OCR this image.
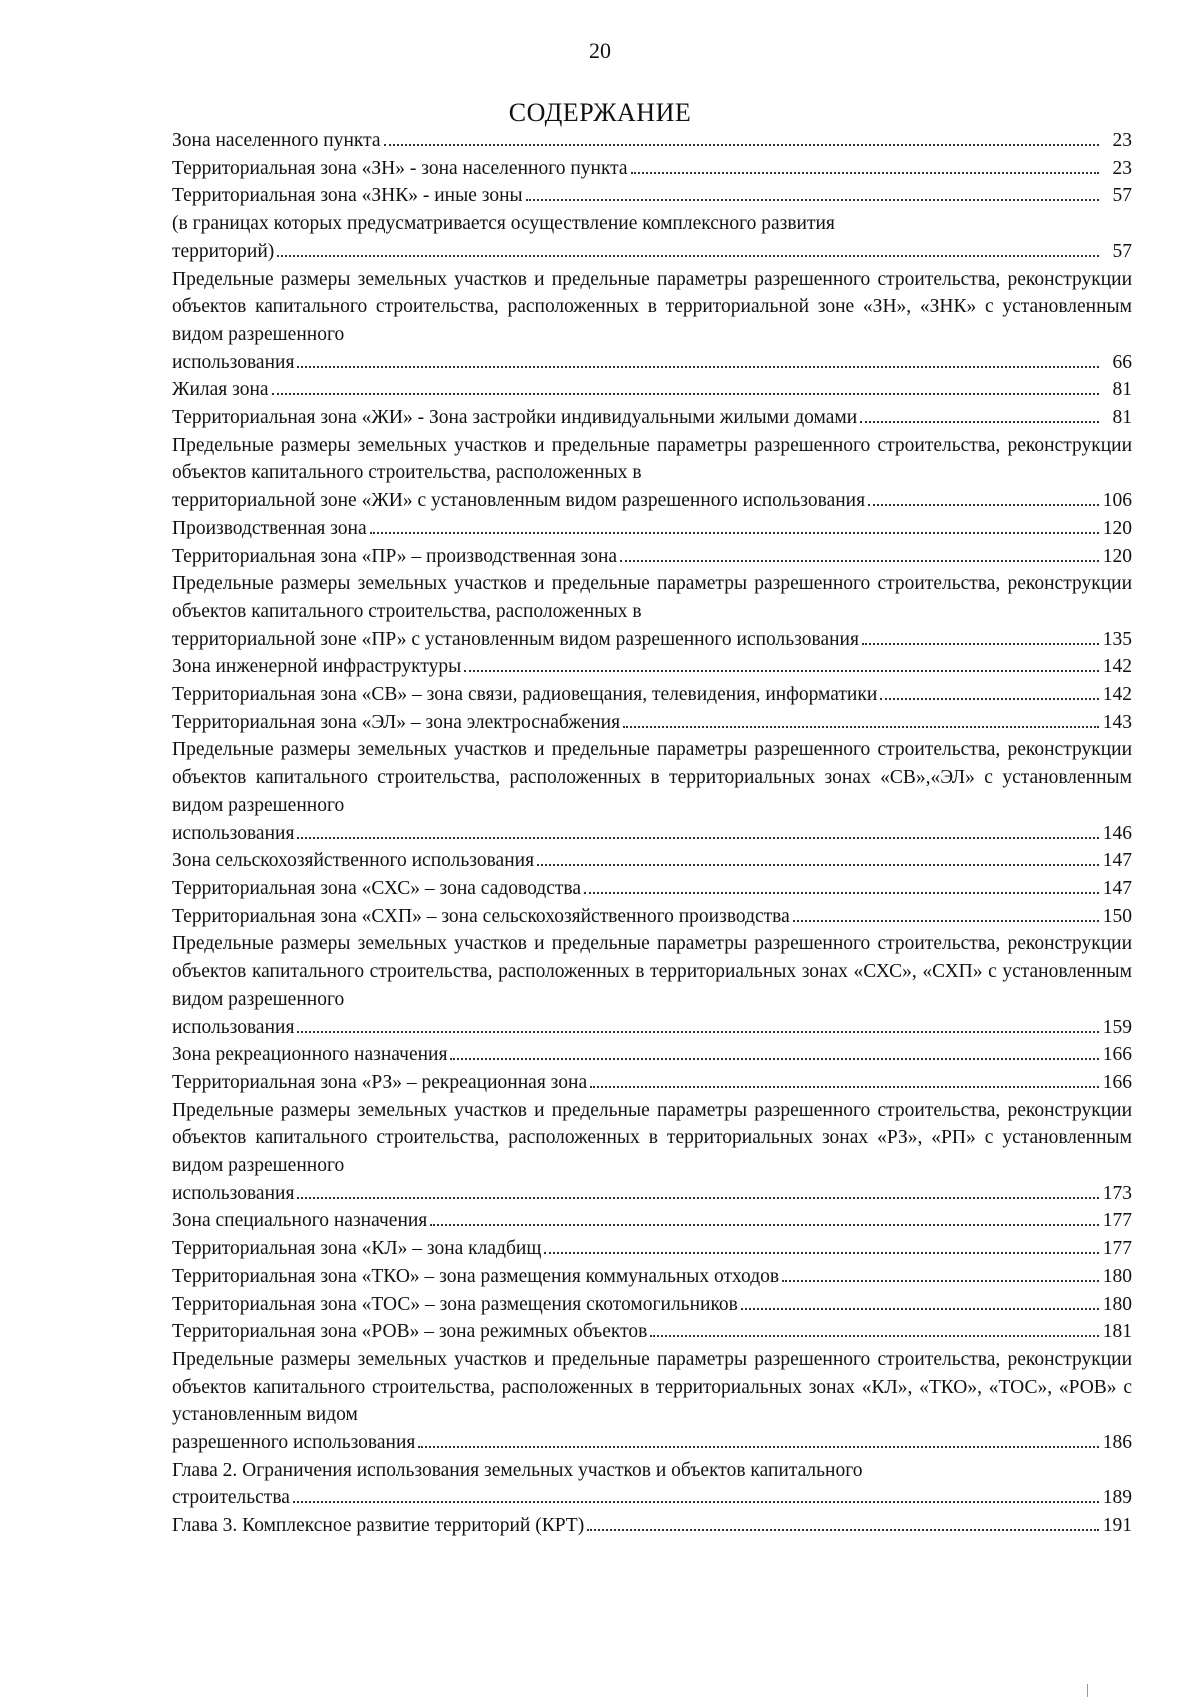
20
СОДЕРЖАНИЕ
Зона населенного пункта	23
Территориальная зона «ЗН» - зона населенного пункта	23
Территориальная зона «ЗНК» - иные зоны	57
(в границах которых предусматривается осуществление комплексного развития
территорий)	57
Предельные размеры земельных участков и предельные параметры разрешенного строительства, реконструкции объектов капитального строительства, расположенных в территориальной зоне «ЗН», «ЗНК» с установленным видом разрешенного
использования	66
Жилая зона	81
Территориальная зона «ЖИ» - Зона застройки индивидуальными жилыми домами	81
Предельные размеры земельных участков и предельные параметры разрешенного строительства, реконструкции объектов капитального строительства, расположенных в
территориальной зоне «ЖИ» с установленным видом разрешенного использования	106
Производственная зона	120
Территориальная зона «ПР» – производственная зона	120
Предельные размеры земельных участков и предельные параметры разрешенного строительства, реконструкции объектов капитального строительства, расположенных в
территориальной зоне «ПР» с установленным видом разрешенного использования	135
Зона инженерной инфраструктуры	142
Территориальная зона «СВ» – зона связи, радиовещания, телевидения, информатики	142
Территориальная зона «ЭЛ» – зона электроснабжения	143
Предельные размеры земельных участков и предельные параметры разрешенного строительства, реконструкции объектов капитального строительства, расположенных в территориальных зонах «СВ»,«ЭЛ» с установленным видом разрешенного
использования	146
Зона сельскохозяйственного использования	147
Территориальная зона «СХС» – зона садоводства	147
Территориальная зона «СХП» – зона сельскохозяйственного производства	150
Предельные размеры земельных участков и предельные параметры разрешенного строительства, реконструкции объектов капитального строительства, расположенных в территориальных зонах «СХС», «СХП» с установленным видом разрешенного
использования	159
Зона рекреационного назначения	166
Территориальная зона «РЗ» – рекреационная зона	166
Предельные размеры земельных участков и предельные параметры разрешенного строительства, реконструкции объектов капитального строительства, расположенных в территориальных зонах «РЗ», «РП» с установленным видом разрешенного
использования	173
Зона специального назначения	177
Территориальная зона «КЛ» – зона кладбищ	177
Территориальная зона «ТКО» – зона размещения коммунальных отходов	180
Территориальная зона «ТОС» – зона размещения скотомогильников	180
Территориальная зона «РОВ» – зона режимных объектов	181
Предельные размеры земельных участков и предельные параметры разрешенного строительства, реконструкции объектов капитального строительства, расположенных в территориальных зонах «КЛ», «ТКО», «ТОС», «РОВ» с установленным видом
разрешенного использования	186
Глава 2. Ограничения использования земельных участков и объектов капитального
строительства	189
Глава 3. Комплексное развитие территорий (КРТ)	191
